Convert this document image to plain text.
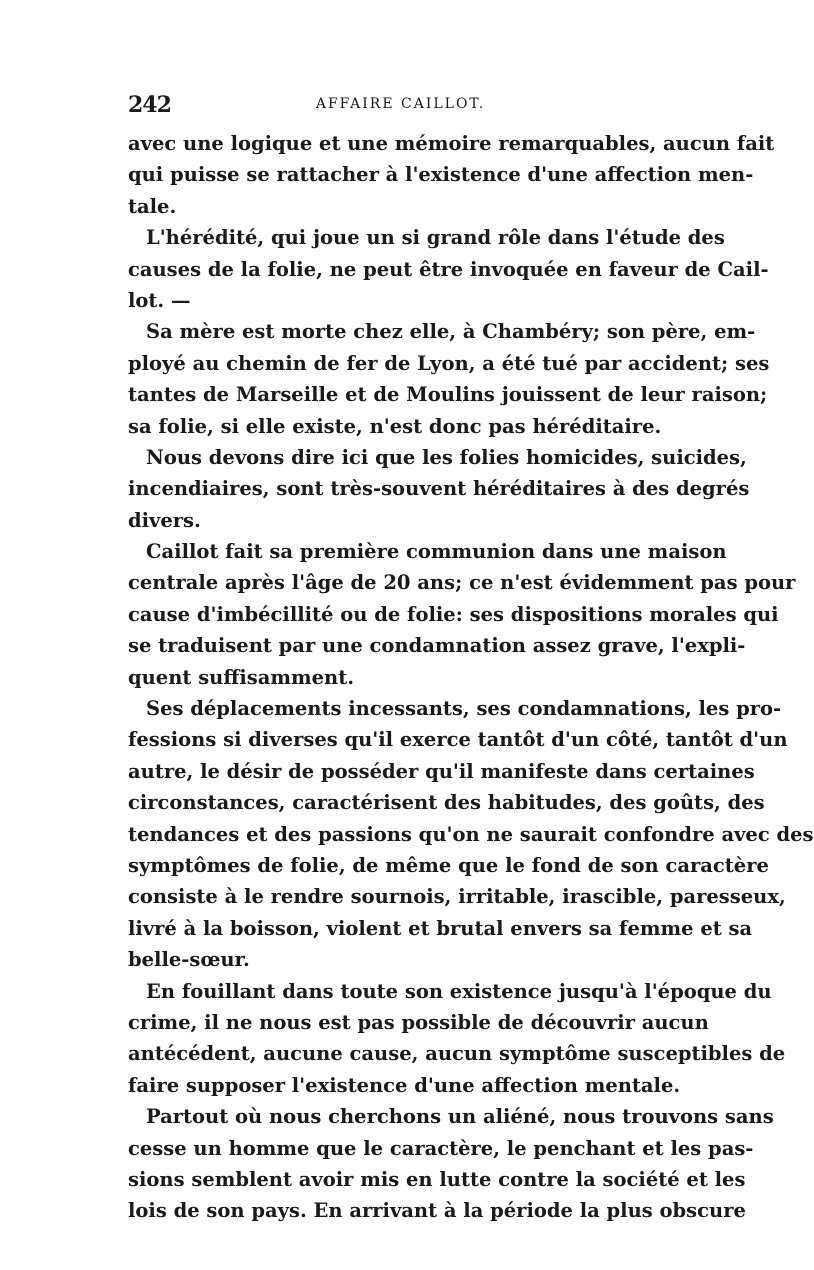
242	AFFAIRE CAILLOT.
avec une logique et une mémoire remarquables, aucun fait
qui puisse se rattacher à l'existence d'une affection men-
tale.
L'hérédité, qui joue un si grand rôle dans l'étude des
causes de la folie, ne peut être invoquée en faveur de Cail-
lot. —
Sa mère est morte chez elle, à Chambéry; son père, em-
ployé au chemin de fer de Lyon, a été tué par accident; ses
tantes de Marseille et de Moulins jouissent de leur raison;
sa folie, si elle existe, n'est donc pas héréditaire.
Nous devons dire ici que les folies homicides, suicides,
incendiaires, sont très-souvent héréditaires à des degrés
divers.
Caillot fait sa première communion dans une maison
centrale après l'âge de 20 ans; ce n'est évidemment pas pour
cause d'imbécillité ou de folie: ses dispositions morales qui
se traduisent par une condamnation assez grave, l'expli-
quent suffisamment.
Ses déplacements incessants, ses condamnations, les pro-
fessions si diverses qu'il exerce tantôt d'un côté, tantôt d'un
autre, le désir de posséder qu'il manifeste dans certaines
circonstances, caractérisent des habitudes, des goûts, des
tendances et des passions qu'on ne saurait confondre avec des
symptômes de folie, de même que le fond de son caractère
consiste à le rendre sournois, irritable, irascible, paresseux,
livré à la boisson, violent et brutal envers sa femme et sa
belle-sœur.
En fouillant dans toute son existence jusqu'à l'époque du
crime, il ne nous est pas possible de découvrir aucun
antécédent, aucune cause, aucun symptôme susceptibles de
faire supposer l'existence d'une affection mentale.
Partout où nous cherchons un aliéné, nous trouvons sans
cesse un homme que le caractère, le penchant et les pas-
sions semblent avoir mis en lutte contre la société et les
lois de son pays. En arrivant à la période la plus obscure
